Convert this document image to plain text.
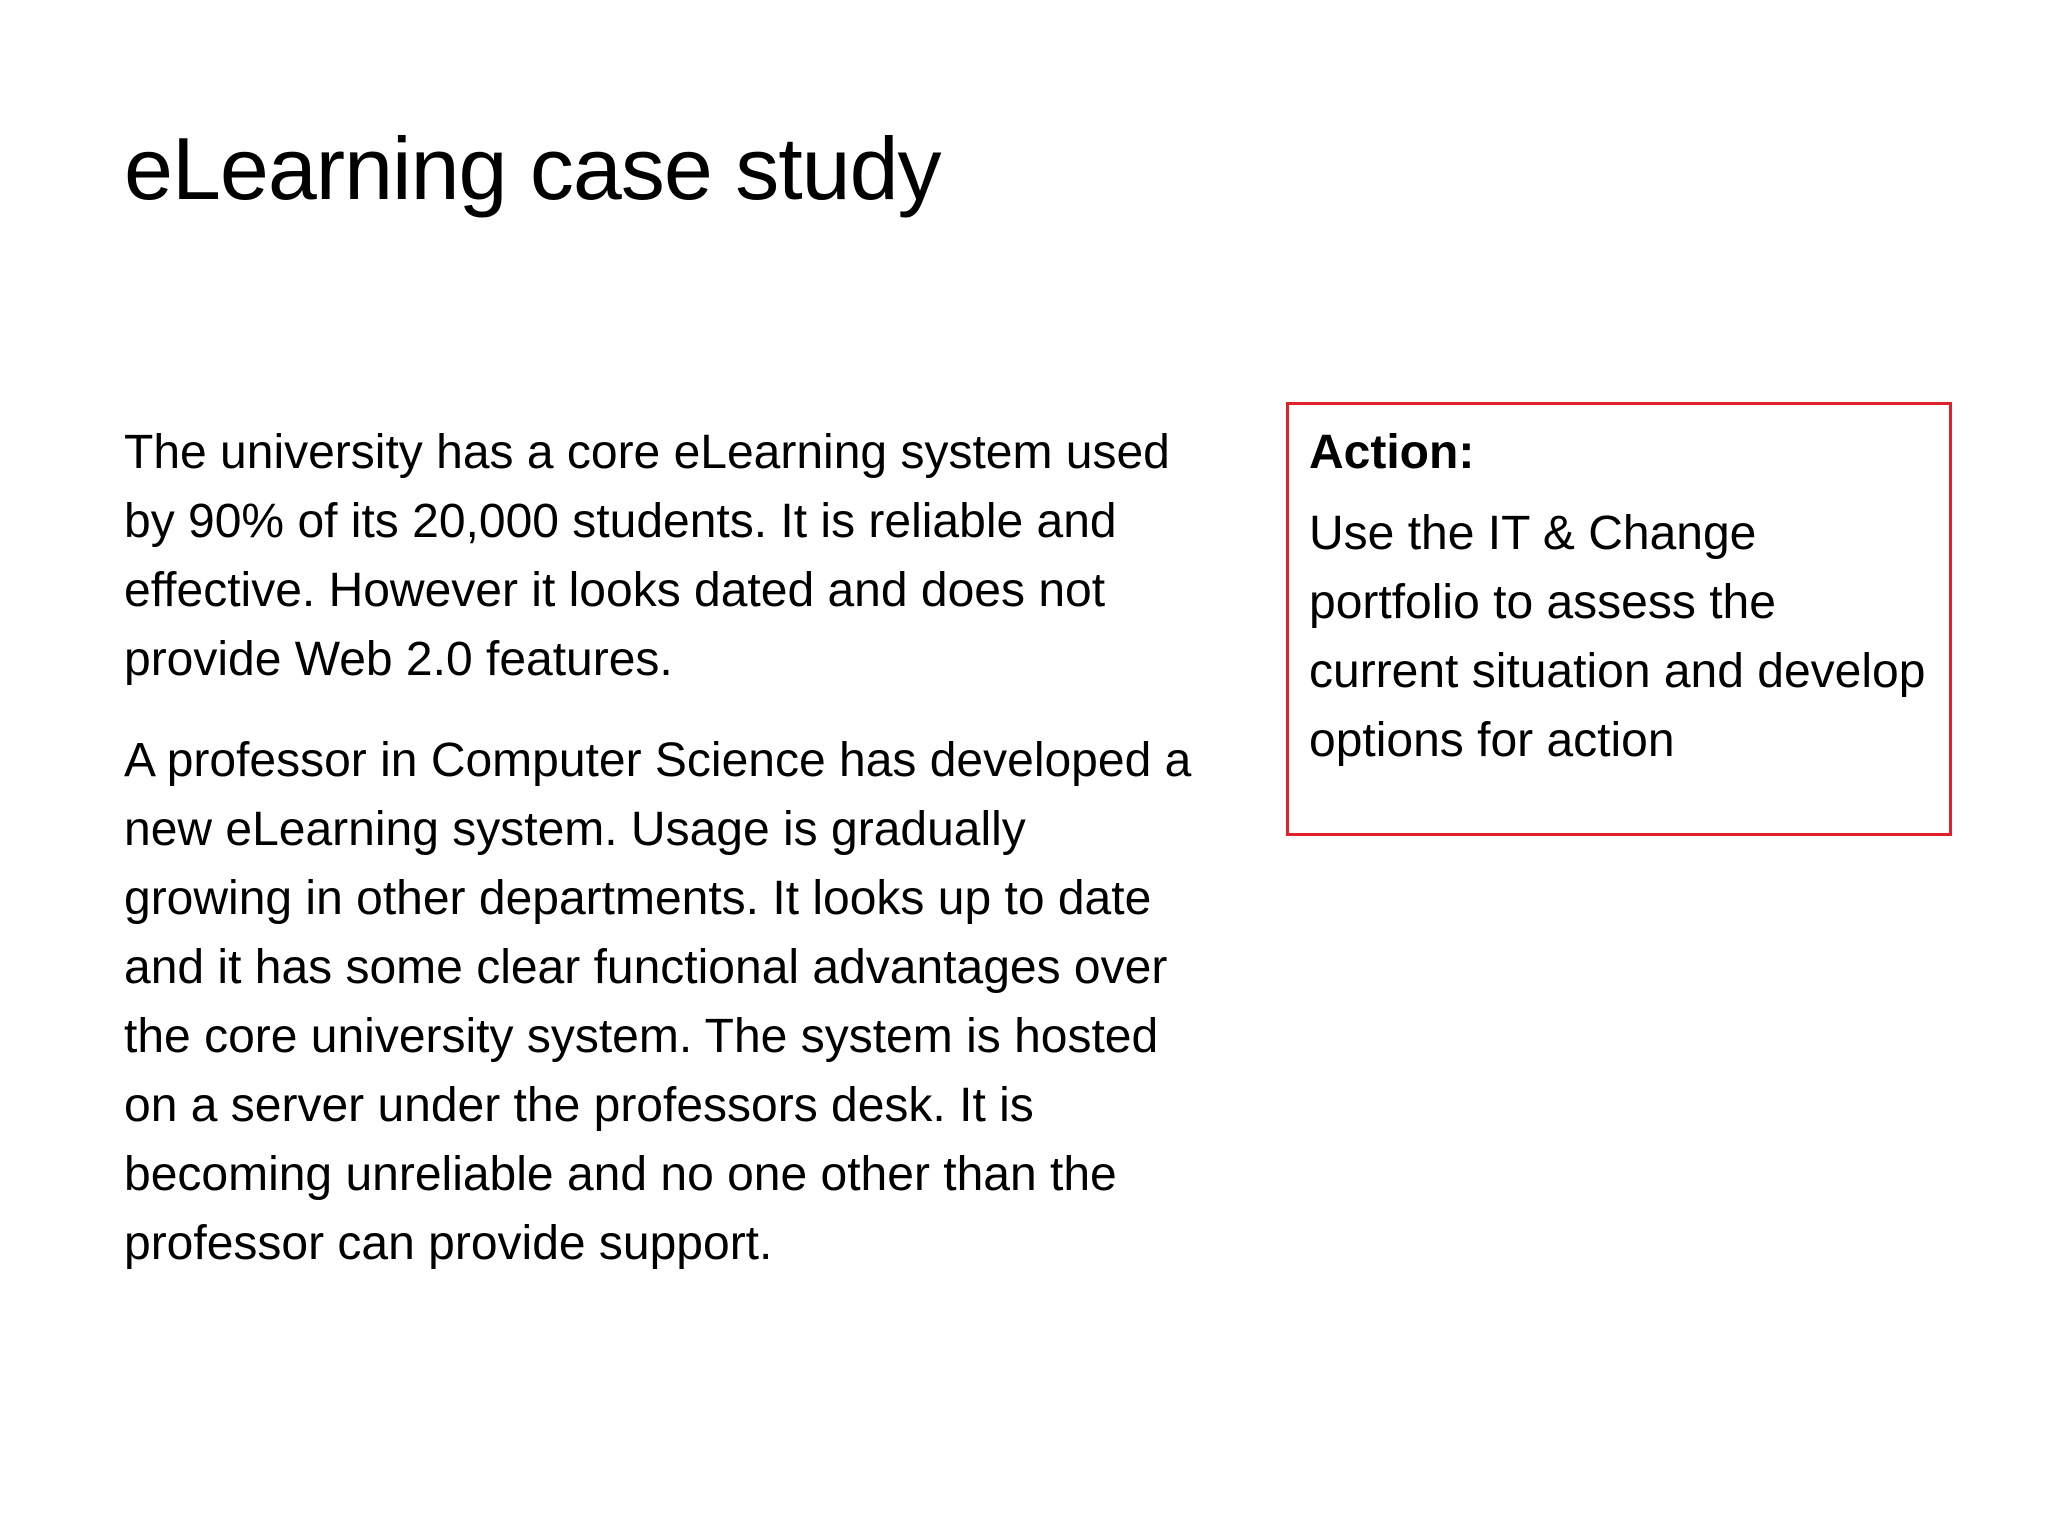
eLearning case study

The university has a core eLearning system used by 90% of its 20,000 students. It is reliable and effective. However it looks dated and does not provide Web 2.0 features.

A professor in Computer Science has developed a new eLearning system. Usage is gradually growing in other departments. It looks up to date and it has some clear functional advantages over the core university system. The system is hosted on a server under the professors desk. It is becoming unreliable and no one other than the professor can provide support.

Action:

Use the IT & Change portfolio to assess the current situation and develop options for action
